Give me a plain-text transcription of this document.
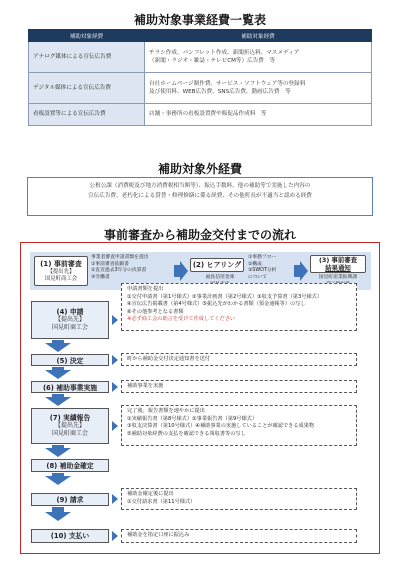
補助対象事業経費一覧表
補助対象経費	補助対象経費
アナログ媒体による宣伝広告費	チラシ作成、パンフレット作成、新聞折込料、マスメディア
（新聞・ラジオ・雑誌・テレビCM等）広告費　等

デジタル媒体による宣伝広告費	自社ホームページ制作費、サービス・ソフトウェア等の登録料
及び使用料、WEB広告費、SNS広告費、動画広告費　等

看板設置等による宣伝広告費	店舗・事務所の看板設置費や販促品作成料　等
補助対象外経費
公租公課（消費税及び地方消費税相当額等）、振込手数料、他の補助等で実施した内容の
宣伝広告費、老朽化による賞替・修理修繕に係る経費、その他町長が不適当と認める経費
事前審査から補助金交付までの流れ
(1) 事前審査
【提出先】
国見町商工会
事業者審査申請書類を提出
①事前審査依頼書
②直近過去3年分の決算書
③労働書
(2) ヒアリング
福島信用金庫
①事務フロー
②構成
③SWOT分析
について
(3) 事前審査
結果通知
国見町産業振興課
(4) 申請
【提出先】
国見町商工会
申請書類を提出
①交付申請書（第1号様式）②事業計画書（第2号様式）③収支予算書（第3号様式）
④宣伝広告掲載書（第4号様式）⑤振込先がわかる書類（預金通帳等）の写し
⑥その他参考となる書類
※必ず商工会の助言を受けて作成してください
(5) 決定	町から補助金交付決定通知書を送付
(6) 補助事業実施	補助事業を実施
(7) 実績報告
【提出先】
国見町商工会
完了後、報告書類を速やかに提出
①実績報告書（第8号様式）②事業報告書（第9号様式）
③収支決算書（第10号様式）④補助事業の実施していることが確認できる成果物
⑤補助対象経費の支払を確認できる領収書等の写し
(8) 補助金確定
(9) 請求
補助金確定後に提出
①交付請求書（第11号様式）
(10) 支払い	補助金を指定口座に振込み
